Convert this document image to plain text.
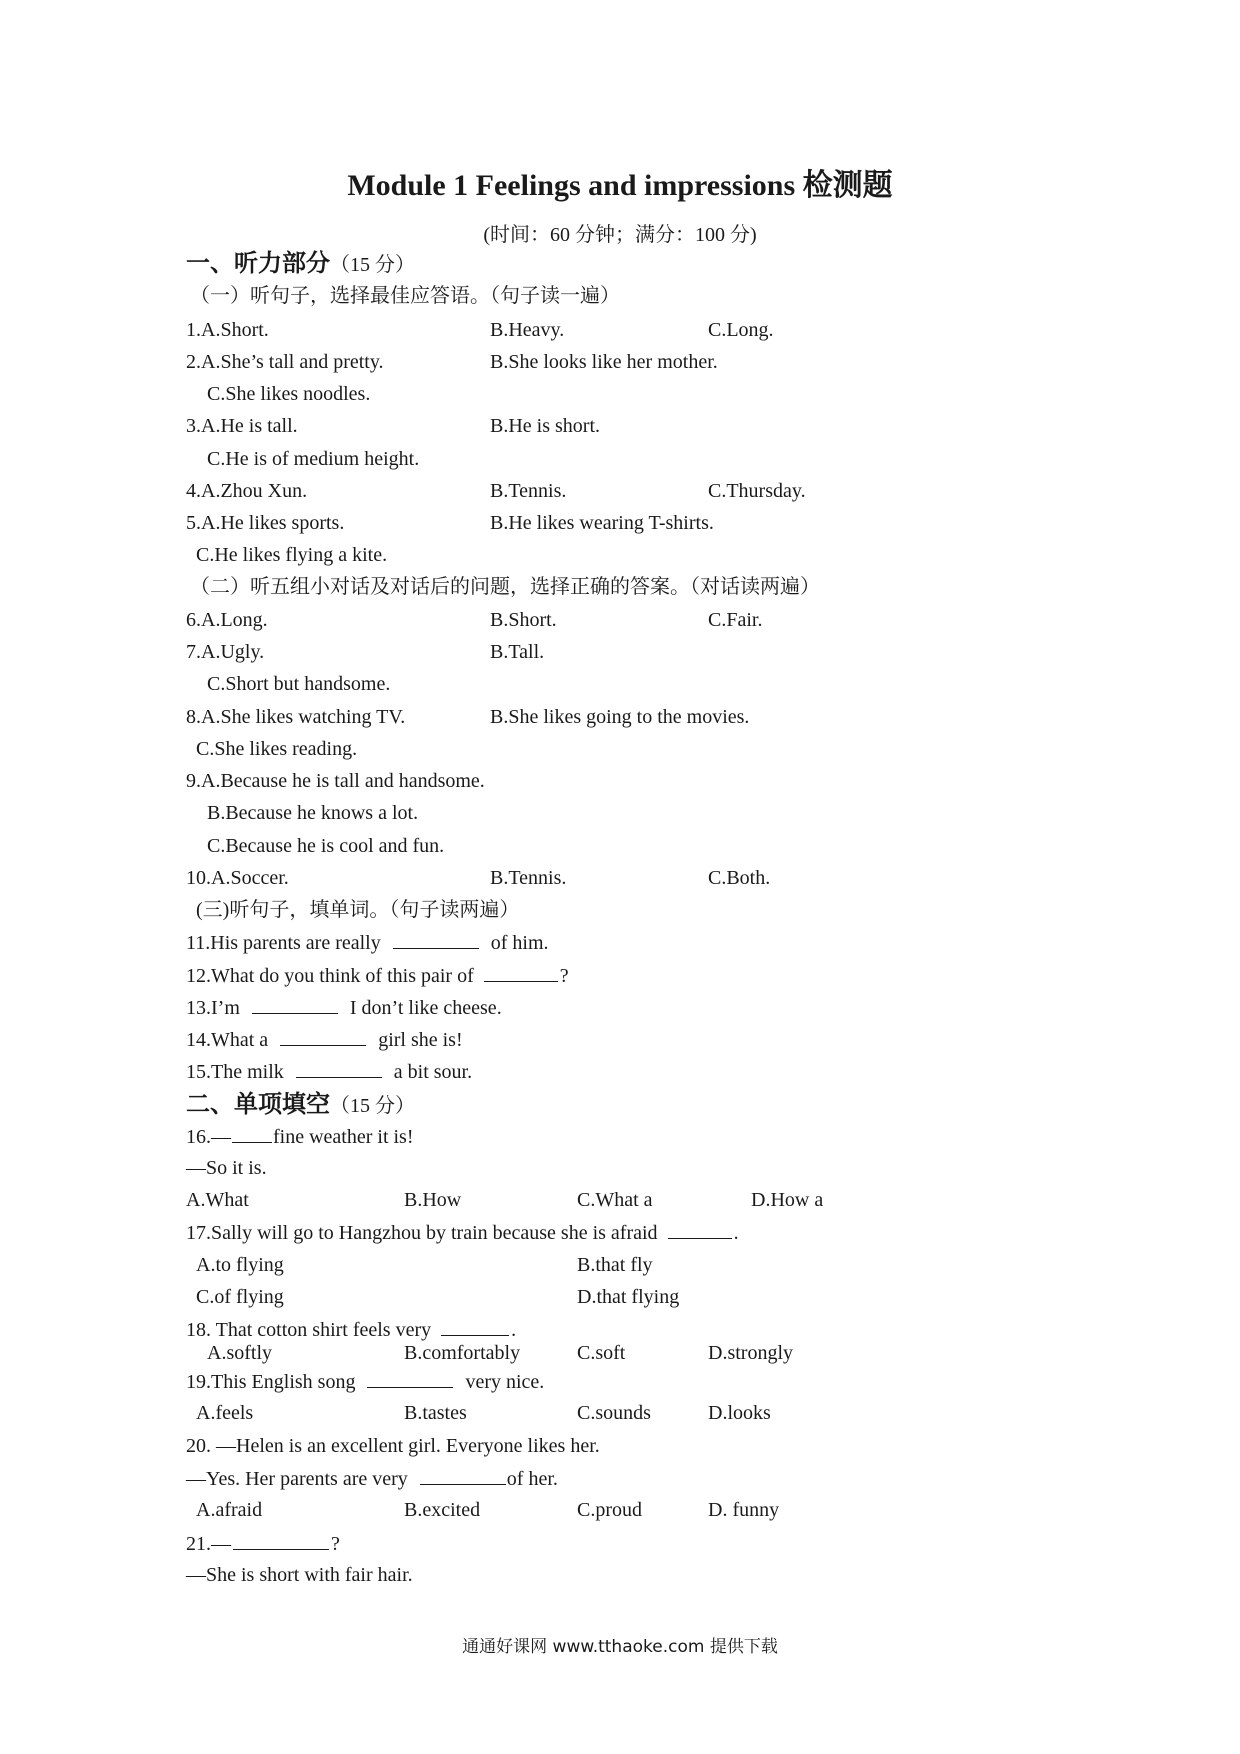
Module 1 Feelings and impressions 检测题
(时间：60 分钟；满分：100 分)
一、听力部分（15 分）
（一）听句子，选择最佳应答语。（句子读一遍）
1.A.Short.	B.Heavy.	C.Long.
2.A.She’s tall and pretty.	B.She looks like her mother.
C.She likes noodles.
3.A.He is tall.	B.He is short.
C.He is of medium height.
4.A.Zhou Xun.	B.Tennis.	C.Thursday.
5.A.He likes sports.	B.He likes wearing T-shirts.
C.He likes flying a kite.
（二）听五组小对话及对话后的问题，选择正确的答案。（对话读两遍）
6.A.Long.	B.Short.	C.Fair.
7.A.Ugly.	B.Tall.
C.Short but handsome.
8.A.She likes watching TV.	B.She likes going to the movies.
C.She likes reading.
9.A.Because he is tall and handsome.
B.Because he knows a lot.
C.Because he is cool and fun.
10.A.Soccer.	B.Tennis.	C.Both.
(三)听句子，填单词。（句子读两遍）
11.His parents are really	of him.
12.What do you think of this pair of	?
13.I’m	I don’t like cheese.
14.What a	girl she is!
15.The milk	a bit sour.
二、单项填空（15 分）
16.— fine weather it is!
—So it is.
A.What	B.How	C.What a	D.How a
17.Sally will go to Hangzhou by train because she is afraid	.
A.to flying	B.that fly
C.of flying	D.that flying
18. That cotton shirt feels very	.
A.softly	B.comfortably	C.soft	D.strongly
19.This English song	very nice.
A.feels	B.tastes	C.sounds	D.looks
20. —Helen is an excellent girl. Everyone likes her.
—Yes. Her parents are very	of her.
A.afraid	B.excited	C.proud	D. funny
21.—	?
—She is short with fair hair.
通通好课网 www.tthaoke.com 提供下载
